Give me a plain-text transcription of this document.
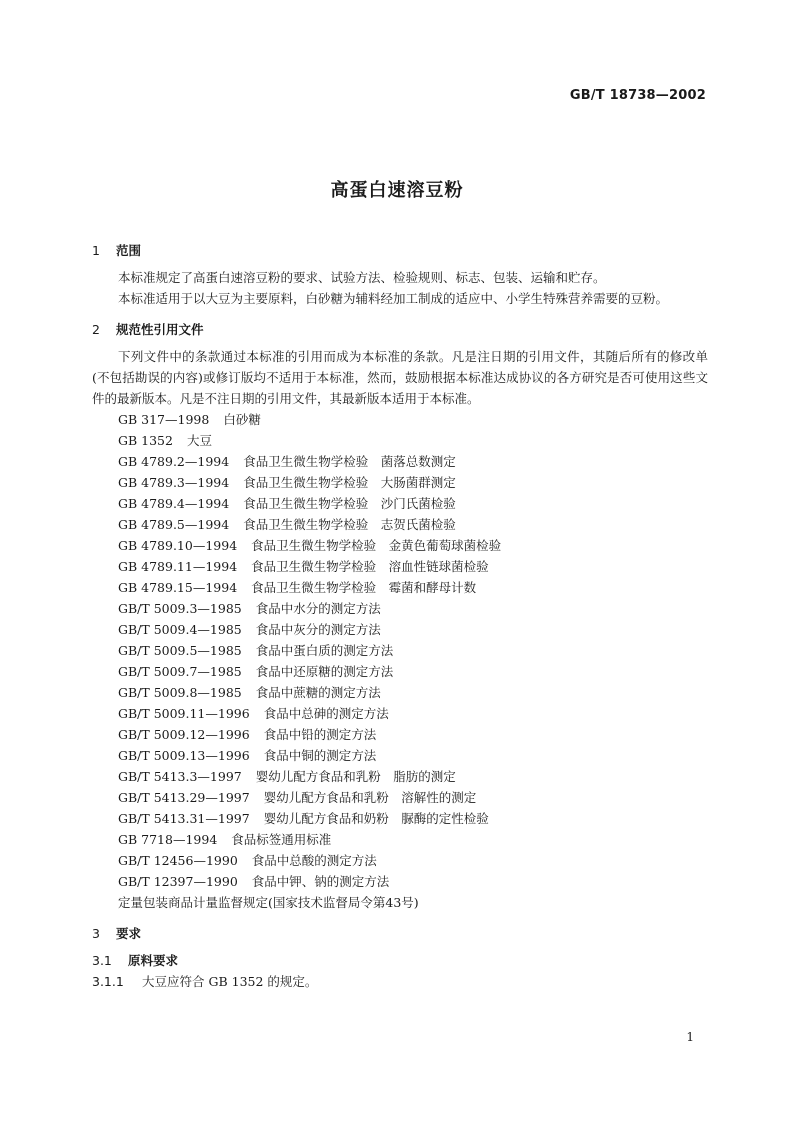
GB/T 18738—2002
高蛋白速溶豆粉
1 范围

本标准规定了高蛋白速溶豆粉的要求、试验方法、检验规则、标志、包装、运输和贮存。

本标准适用于以大豆为主要原料，白砂糖为辅料经加工制成的适应中、小学生特殊营养需要的豆粉。

2 规范性引用文件

下列文件中的条款通过本标准的引用而成为本标准的条款。凡是注日期的引用文件，其随后所有的修改单(不包括勘误的内容)或修订版均不适用于本标准，然而，鼓励根据本标准达成协议的各方研究是否可使用这些文件的最新版本。凡是不注日期的引用文件，其最新版本适用于本标准。

GB 317—1998 白砂糖
GB 1352 大豆
GB 4789.2—1994 食品卫生微生物学检验　菌落总数测定
GB 4789.3—1994 食品卫生微生物学检验　大肠菌群测定
GB 4789.4—1994 食品卫生微生物学检验　沙门氏菌检验
GB 4789.5—1994 食品卫生微生物学检验　志贺氏菌检验
GB 4789.10—1994 食品卫生微生物学检验　金黄色葡萄球菌检验
GB 4789.11—1994 食品卫生微生物学检验　溶血性链球菌检验
GB 4789.15—1994 食品卫生微生物学检验　霉菌和酵母计数
GB/T 5009.3—1985 食品中水分的测定方法
GB/T 5009.4—1985 食品中灰分的测定方法
GB/T 5009.5—1985 食品中蛋白质的测定方法
GB/T 5009.7—1985 食品中还原糖的测定方法
GB/T 5009.8—1985 食品中蔗糖的测定方法
GB/T 5009.11—1996 食品中总砷的测定方法
GB/T 5009.12—1996 食品中铅的测定方法
GB/T 5009.13—1996 食品中铜的测定方法
GB/T 5413.3—1997 婴幼儿配方食品和乳粉　脂肪的测定
GB/T 5413.29—1997 婴幼儿配方食品和乳粉　溶解性的测定
GB/T 5413.31—1997 婴幼儿配方食品和奶粉　脲酶的定性检验
GB 7718—1994 食品标签通用标准
GB/T 12456—1990 食品中总酸的测定方法
GB/T 12397—1990 食品中钾、钠的测定方法
定量包装商品计量监督规定(国家技术监督局令第43号)
3 要求
3.1 原料要求
3.1.1 大豆应符合 GB 1352 的规定。
1
